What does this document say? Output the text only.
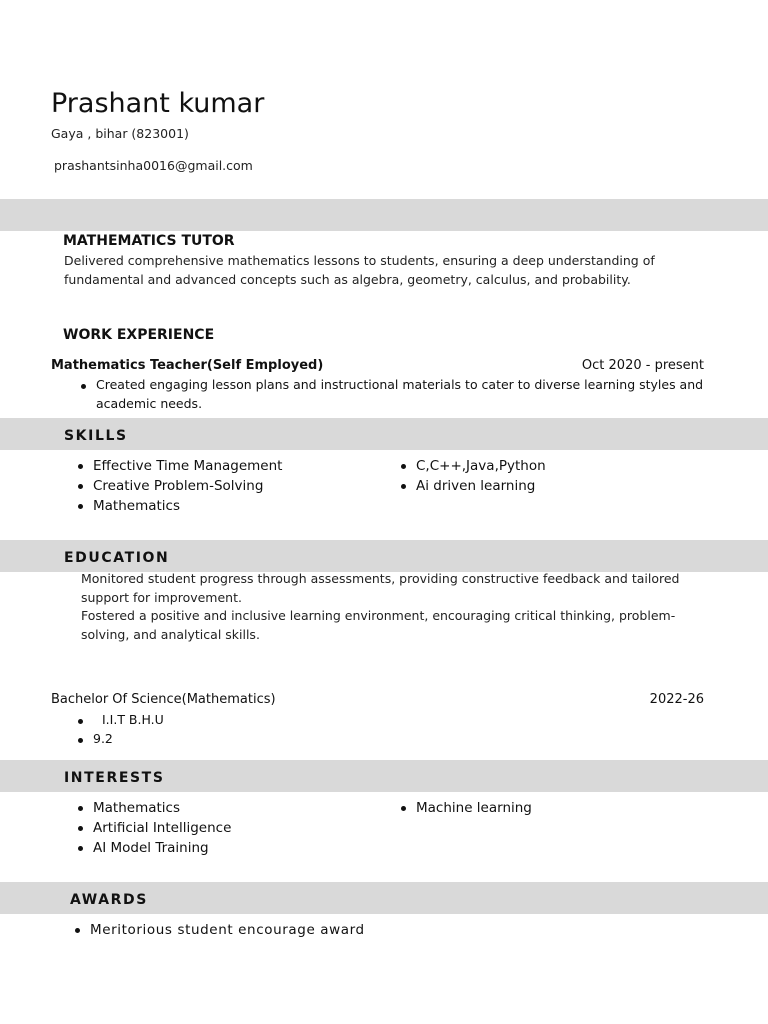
Prashant kumar
Gaya , bihar (823001)
prashantsinha0016@gmail.com
MATHEMATICS TUTOR
Delivered comprehensive mathematics lessons to students, ensuring a deep understanding of fundamental and advanced concepts such as algebra, geometry, calculus, and probability.
WORK EXPERIENCE
Mathematics Teacher(Self Employed)	Oct 2020 - present
Created engaging lesson plans and instructional materials to cater to diverse learning styles and academic needs.
SKILLS
Effective Time Management
Creative Problem-Solving
Mathematics
C,C++,Java,Python
Ai driven learning
EDUCATION
Monitored student progress through assessments, providing constructive feedback and tailored support for improvement.
Fostered a positive and inclusive learning environment, encouraging critical thinking, problem-solving, and analytical skills.
Bachelor Of Science(Mathematics)	2022-26
I.I.T B.H.U
9.2
INTERESTS
Mathematics
Artificial Intelligence
AI Model Training
Machine learning
AWARDS
Meritorious student encourage award
